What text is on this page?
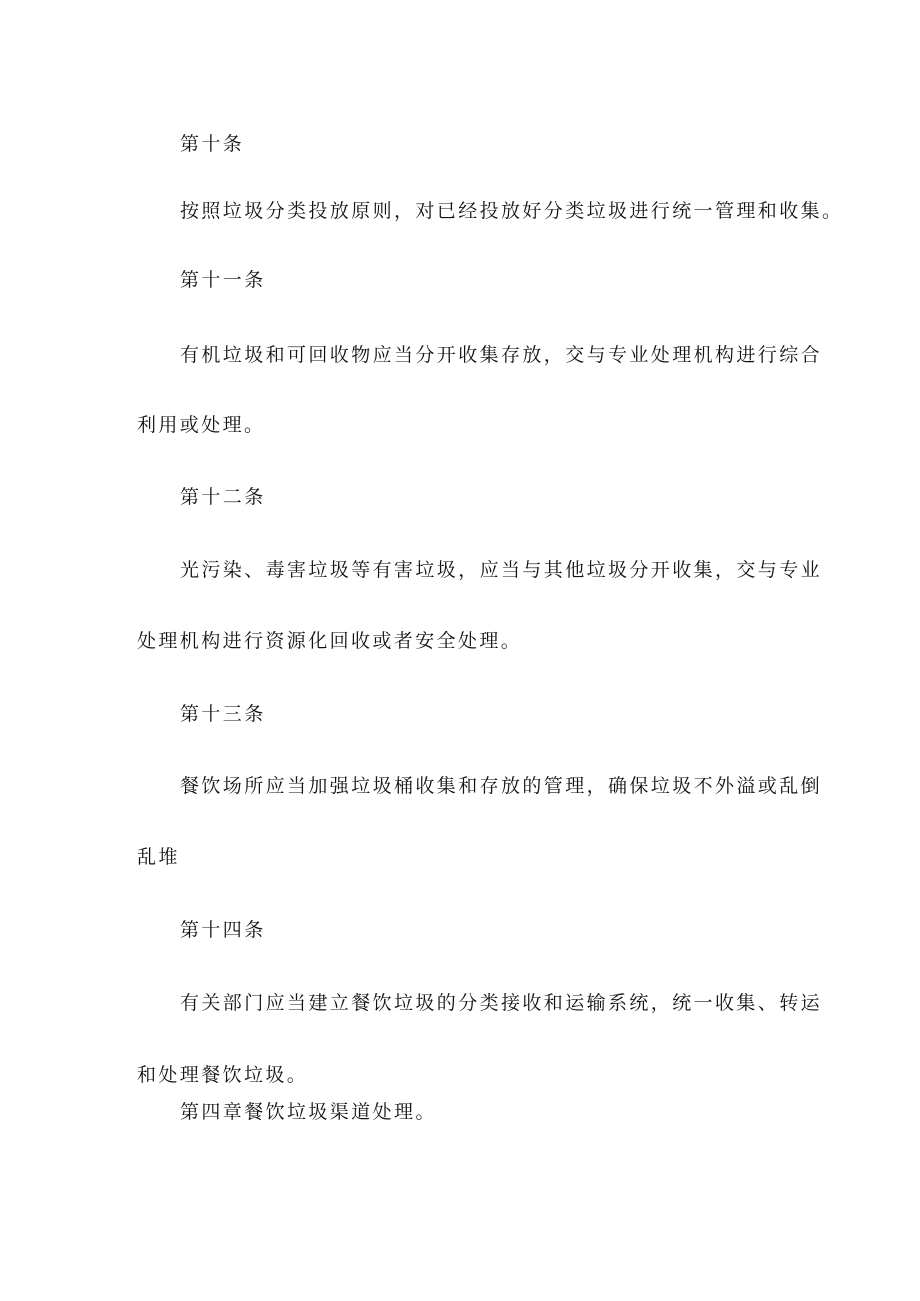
第十条
按照垃圾分类投放原则，对已经投放好分类垃圾进行统一管理和收集。
第十一条
有机垃圾和可回收物应当分开收集存放，交与专业处理机构进行综合
利用或处理。
第十二条
光污染、毒害垃圾等有害垃圾，应当与其他垃圾分开收集，交与专业
处理机构进行资源化回收或者安全处理。
第十三条
餐饮场所应当加强垃圾桶收集和存放的管理，确保垃圾不外溢或乱倒
乱堆
第十四条
有关部门应当建立餐饮垃圾的分类接收和运输系统，统一收集、转运
和处理餐饮垃圾。
第四章餐饮垃圾渠道处理。
